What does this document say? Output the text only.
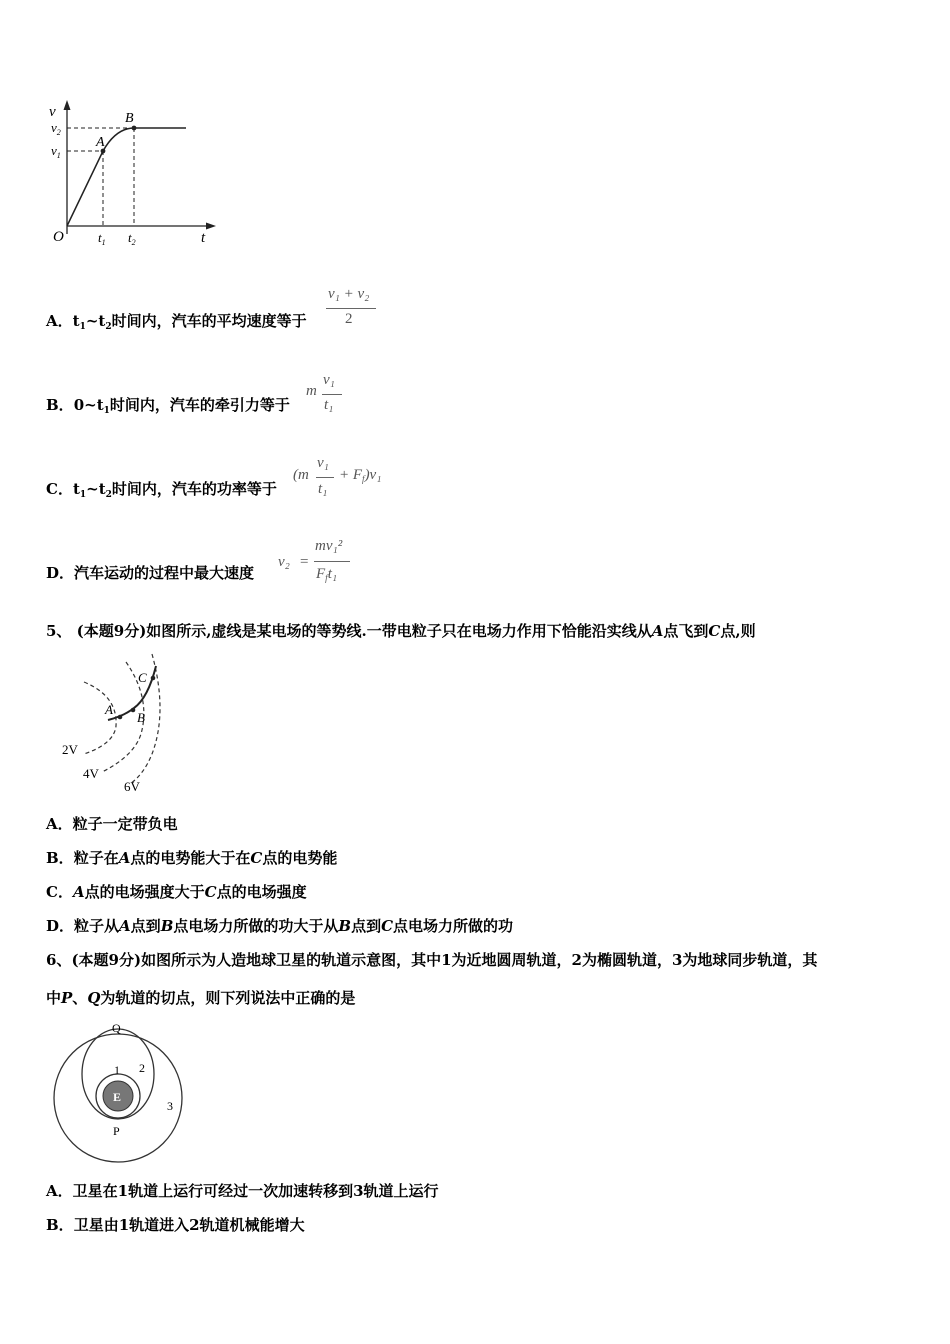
v
t
O
A
B
$v_1$
$v_2$
$t_1$ $t_2$
A．$t_1\sim t_2$时间内，汽车的平均速度等于
v₁ + v₂
2
B．$0\sim t_1$时间内，汽车的牵引力等于
m
v₁
t₁
C．$t_1\sim t_2$时间内，汽车的功率等于
(m
v₁
t₁
+ $F_f)v_1$
D．汽车运动的过程中最大速度
v₂ =
mv₁²
$F_ft_1$
5、 (本题9分)如图所示,虚线是某电场的等势线.一带电粒子只在电场力作用下恰能沿实线从A点飞到C点,则
A
B
C
2V
4V
6V
A．粒子一定带负电
B．粒子在A点的电势能大于在C点的电势能
C．A点的电场强度大于C点的电场强度
D．粒子从A点到B点电场力所做的功大于从B点到C点电场力所做的功
6、(本题9分)如图所示为人造地球卫星的轨道示意图，其中1为近地圆周轨道，2为椭圆轨道，3为地球同步轨道，其
中P、Q为轨道的切点，则下列说法中正确的是
E
Q
P
1 2
3
A．卫星在1轨道上运行可经过一次加速转移到3轨道上运行
B．卫星由1轨道进入2轨道机械能增大
